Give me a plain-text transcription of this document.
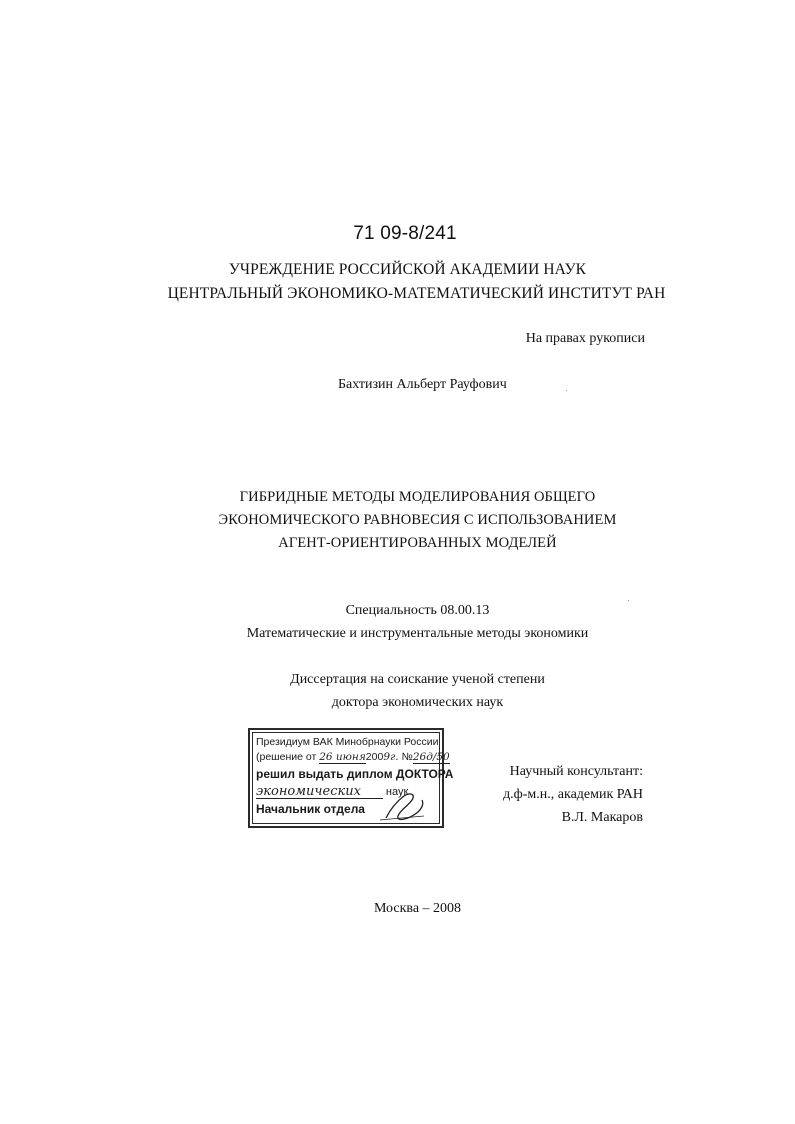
71 09-8/241
УЧРЕЖДЕНИЕ РОССИЙСКОЙ АКАДЕМИИ НАУК
ЦЕНТРАЛЬНЫЙ ЭКОНОМИКО-МАТЕМАТИЧЕСКИЙ ИНСТИТУТ РАН
На правах рукописи
Бахтизин Альберт Рауфович
ГИБРИДНЫЕ МЕТОДЫ МОДЕЛИРОВАНИЯ ОБЩЕГО
ЭКОНОМИЧЕСКОГО РАВНОВЕСИЯ С ИСПОЛЬЗОВАНИЕМ
АГЕНТ-ОРИЕНТИРОВАННЫХ МОДЕЛЕЙ
Специальность 08.00.13
Математические и инструментальные методы экономики
Диссертация на соискание ученой степени
доктора экономических наук
Президиум ВАК Минобрнауки России
(решение от 26 июня2009г. №26д/50
решил выдать диплом ДОКТОРА
экономических наук
Начальник отдела
Научный консультант:
д.ф-м.н., академик РАН
В.Л. Макаров
Москва – 2008
